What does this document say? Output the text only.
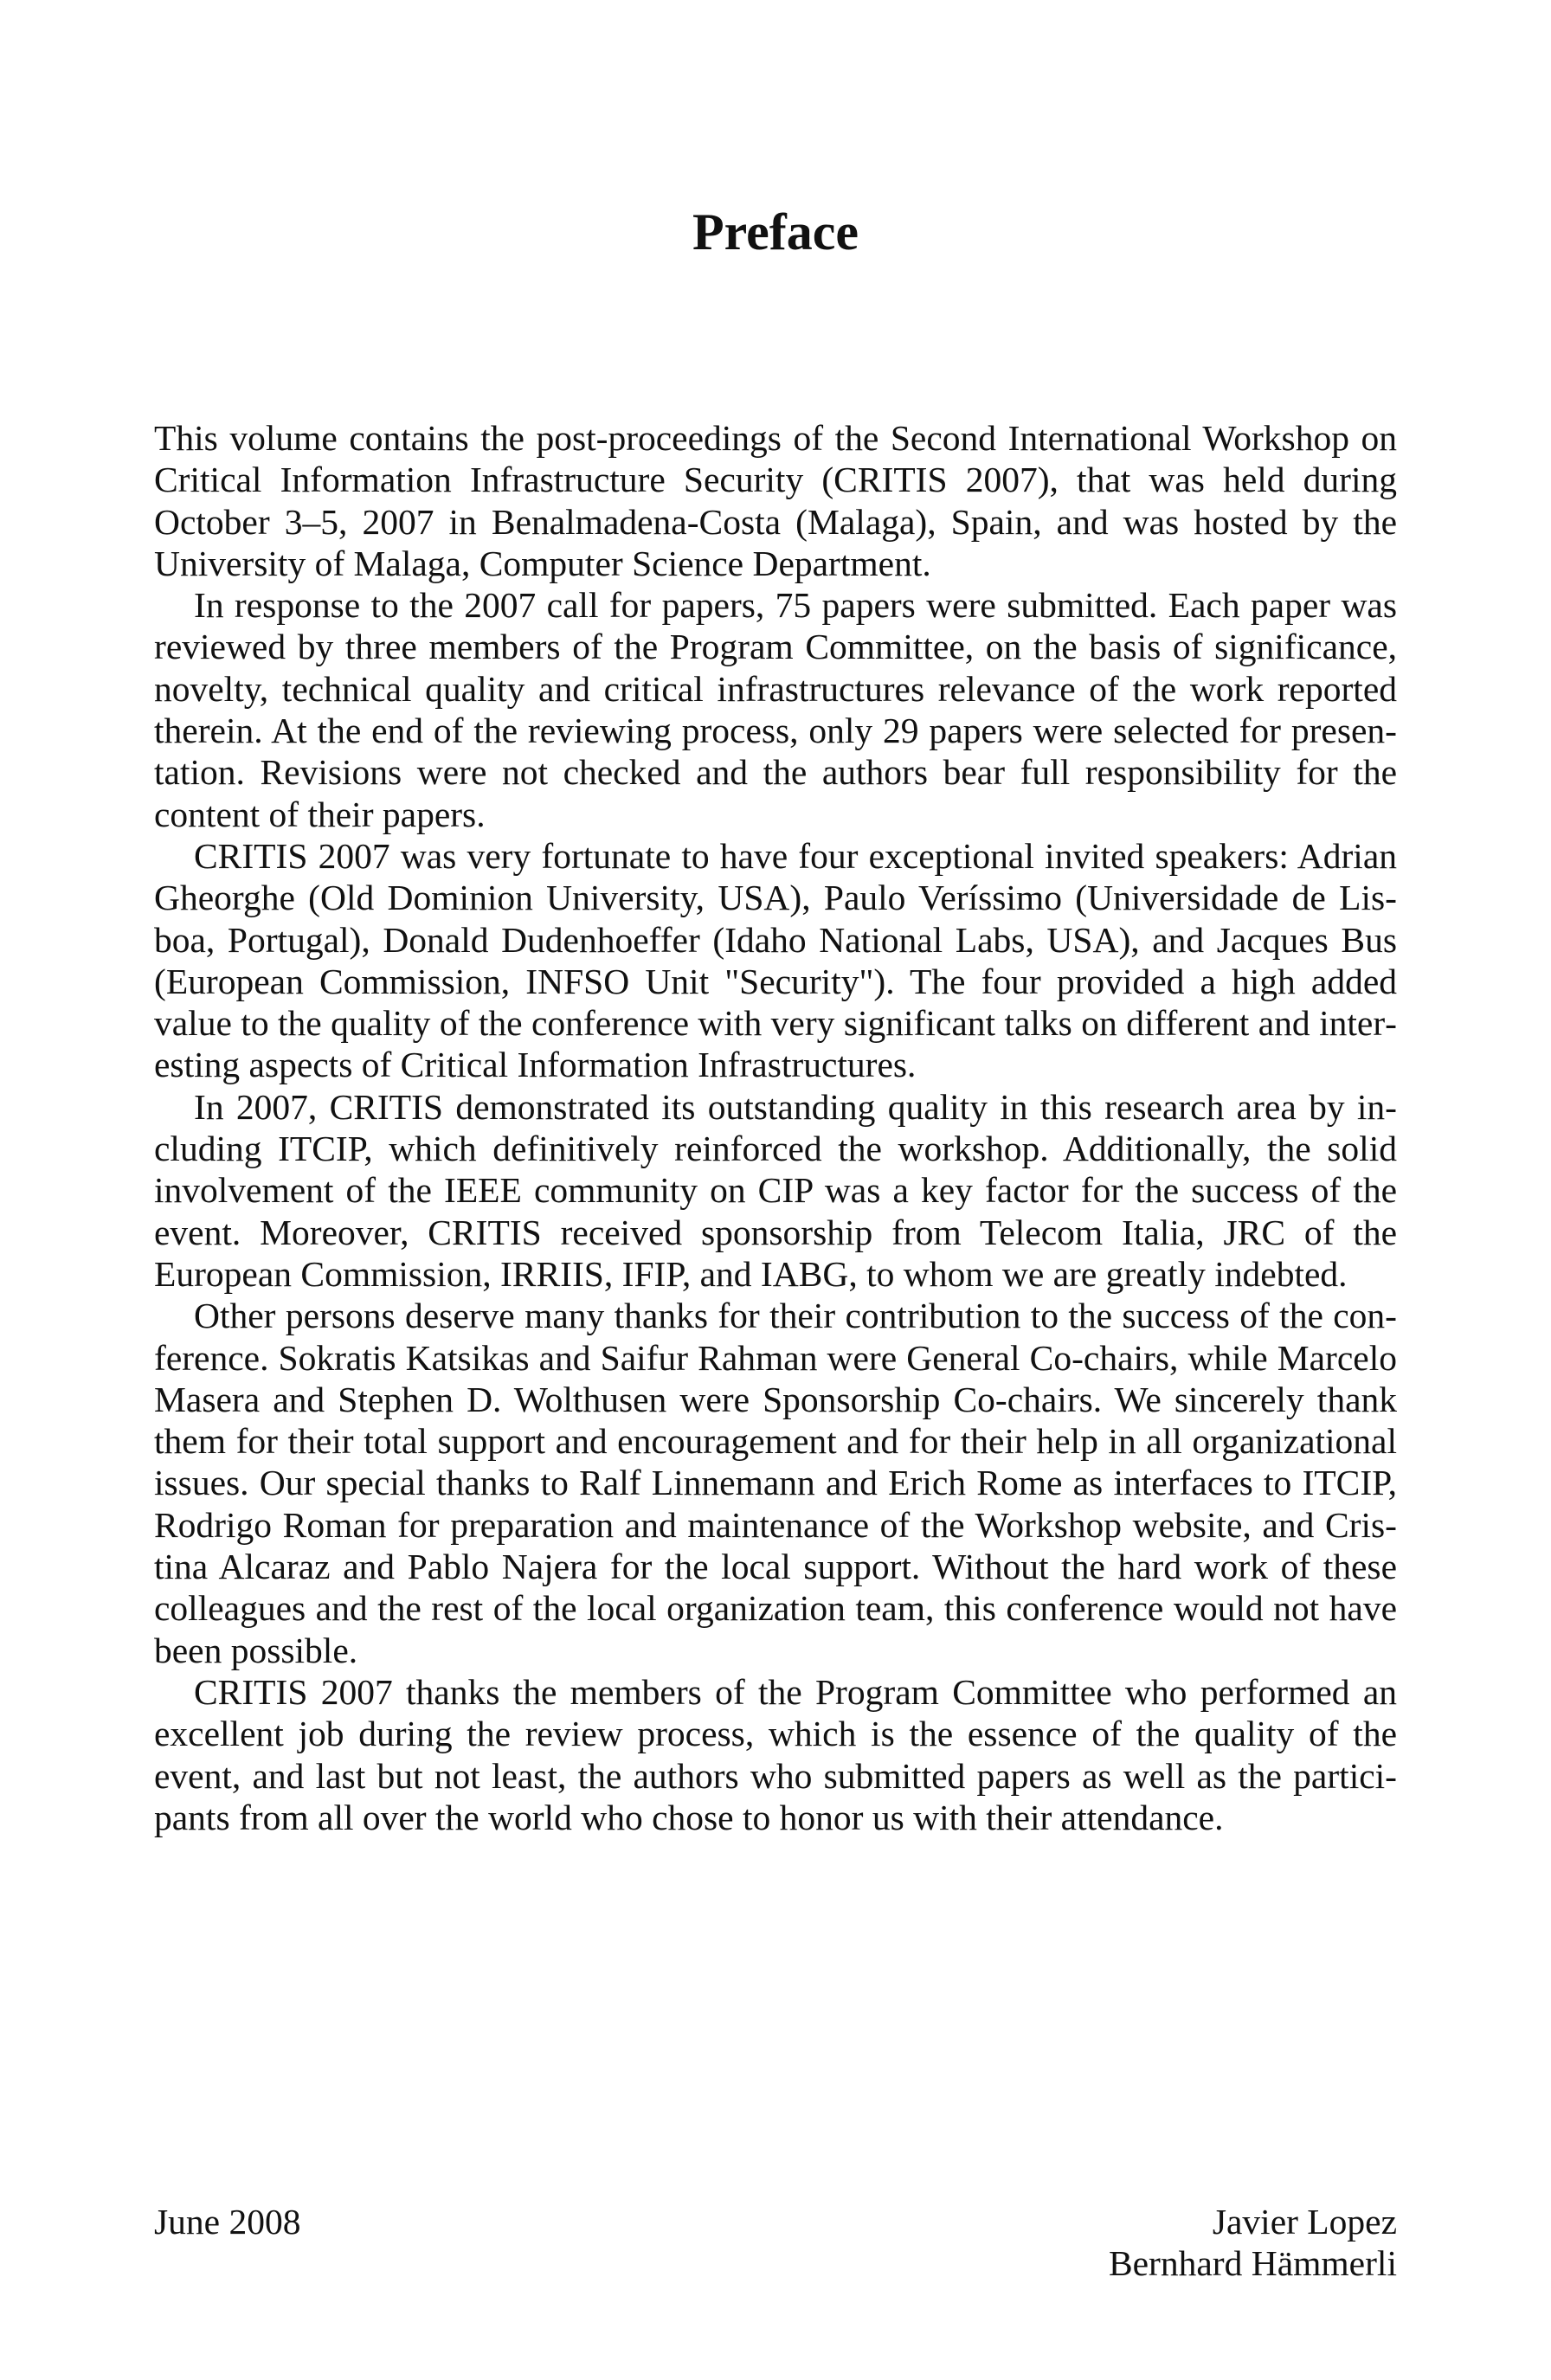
Preface

This volume contains the post-proceedings of the Second International Workshop on Critical Information Infrastructure Security (CRITIS 2007), that was held during October 3–5, 2007 in Benalmadena-Costa (Malaga), Spain, and was hosted by the University of Malaga, Computer Science Department.

In response to the 2007 call for papers, 75 papers were submitted. Each paper was reviewed by three members of the Program Committee, on the basis of significance, novelty, technical quality and critical infrastructures relevance of the work reported therein. At the end of the reviewing process, only 29 papers were selected for presentation. Revisions were not checked and the authors bear full responsibility for the content of their papers.

CRITIS 2007 was very fortunate to have four exceptional invited speakers: Adrian Gheorghe (Old Dominion University, USA), Paulo Veríssimo (Universidade de Lisboa, Portugal), Donald Dudenhoeffer (Idaho National Labs, USA), and Jacques Bus (European Commission, INFSO Unit "Security"). The four provided a high added value to the quality of the conference with very significant talks on different and interesting aspects of Critical Information Infrastructures.

In 2007, CRITIS demonstrated its outstanding quality in this research area by including ITCIP, which definitively reinforced the workshop. Additionally, the solid involvement of the IEEE community on CIP was a key factor for the success of the event. Moreover, CRITIS received sponsorship from Telecom Italia, JRC of the European Commission, IRRIIS, IFIP, and IABG, to whom we are greatly indebted.

Other persons deserve many thanks for their contribution to the success of the conference. Sokratis Katsikas and Saifur Rahman were General Co-chairs, while Marcelo Masera and Stephen D. Wolthusen were Sponsorship Co-chairs. We sincerely thank them for their total support and encouragement and for their help in all organizational issues. Our special thanks to Ralf Linnemann and Erich Rome as interfaces to ITCIP, Rodrigo Roman for preparation and maintenance of the Workshop website, and Cristina Alcaraz and Pablo Najera for the local support. Without the hard work of these colleagues and the rest of the local organization team, this conference would not have been possible.

CRITIS 2007 thanks the members of the Program Committee who performed an excellent job during the review process, which is the essence of the quality of the event, and last but not least, the authors who submitted papers as well as the participants from all over the world who chose to honor us with their attendance.

June 2008	Javier Lopez
Bernhard Hämmerli
